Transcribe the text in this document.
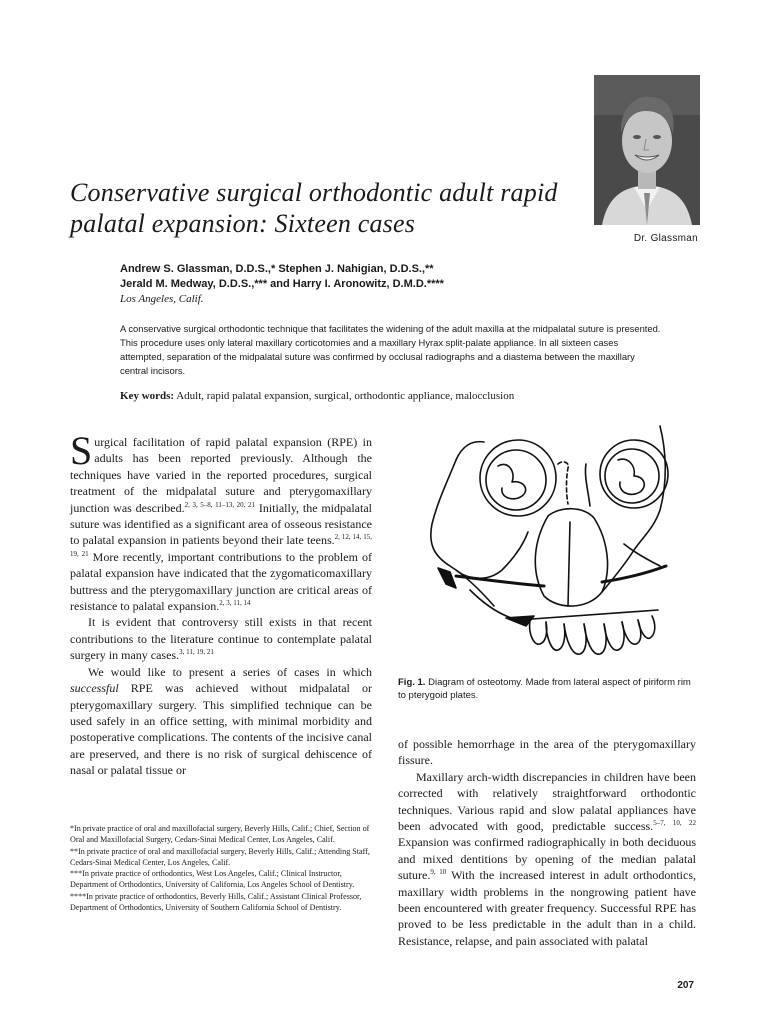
Dr. Glassman
Conservative surgical orthodontic adult rapid palatal expansion: Sixteen cases
Andrew S. Glassman, D.D.S.,* Stephen J. Nahigian, D.D.S.,**
Jerald M. Medway, D.D.S.,*** and Harry I. Aronowitz, D.M.D.****
Los Angeles, Calif.
A conservative surgical orthodontic technique that facilitates the widening of the adult maxilla at the midpalatal suture is presented. This procedure uses only lateral maxillary corticotomies and a maxillary Hyrax split-palate appliance. In all sixteen cases attempted, separation of the midpalatal suture was confirmed by occlusal radiographs and a diastema between the maxillary central incisors.
Key words: Adult, rapid palatal expansion, surgical, orthodontic appliance, malocclusion

Surgical facilitation of rapid palatal expansion (RPE) in adults has been reported previously. Although the techniques have varied in the reported procedures, surgical treatment of the midpalatal suture and pterygomaxillary junction was described.$^{2, 3, 5-8, 11-13, 20, 21}$ Initially, the midpalatal suture was identified as a significant area of osseous resistance to palatal expansion in patients beyond their late teens.$^{2, 12, 14, 15, 19, 21}$ More recently, important contributions to the problem of palatal expansion have indicated that the zygomaticomaxillary buttress and the pterygomaxillary junction are critical areas of resistance to palatal expansion.$^{2, 3, 11, 14}$

It is evident that controversy still exists in that recent contributions to the literature continue to contemplate palatal surgery in many cases.$^{3, 11, 19, 21}$

We would like to present a series of cases in which successful RPE was achieved without midpalatal or pterygomaxillary surgery. This simplified technique can be used safely in an office setting, with minimal morbidity and postoperative complications. The contents of the incisive canal are preserved, and there is no risk of surgical dehiscence of nasal or palatal tissue or

*In private practice of oral and maxillofacial surgery, Beverly Hills, Calif.; Chief, Section of Oral and Maxillofacial Surgery, Cedars-Sinai Medical Center, Los Angeles, Calif.
**In private practice of oral and maxillofacial surgery, Beverly Hills, Calif.; Attending Staff, Cedars-Sinai Medical Center, Los Angeles, Calif.
***In private practice of orthodontics, West Los Angeles, Calif.; Clinical Instructor, Department of Orthodontics, University of California, Los Angeles School of Dentistry.
****In private practice of orthodontics, Beverly Hills, Calif.; Assistant Clinical Professor, Department of Orthodontics, University of Southern California School of Dentistry.
Fig. 1. Diagram of osteotomy. Made from lateral aspect of piriform rim to pterygoid plates.

of possible hemorrhage in the area of the pterygomaxillary fissure.

Maxillary arch-width discrepancies in children have been corrected with relatively straightforward orthodontic techniques. Various rapid and slow palatal appliances have been advocated with good, predictable success.$^{5-7, 10, 22}$ Expansion was confirmed radiographically in both deciduous and mixed dentitions by opening of the median palatal suture.$^{9, 10}$ With the increased interest in adult orthodontics, maxillary width problems in the nongrowing patient have been encountered with greater frequency. Successful RPE has proved to be less predictable in the adult than in a child. Resistance, relapse, and pain associated with palatal

207
